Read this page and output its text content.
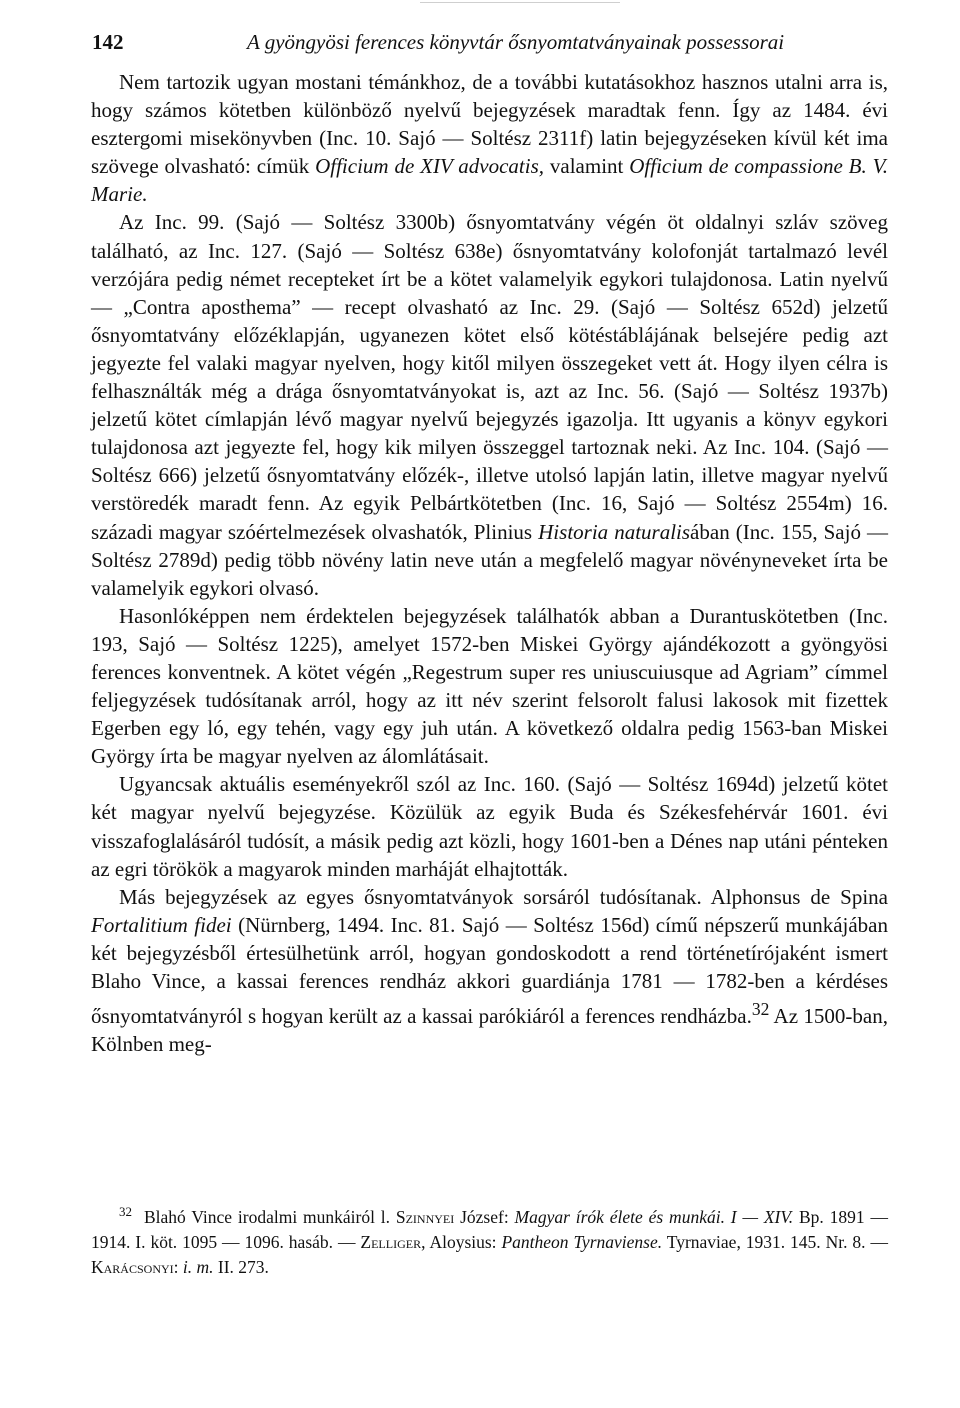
142	A gyöngyösi ferences könyvtár ősnyomtatványainak possessorai

Nem tartozik ugyan mostani témánkhoz, de a további kutatásokhoz hasznos utalni arra is, hogy számos kötetben különböző nyelvű bejegyzések maradtak fenn. Így az 1484. évi esztergomi misekönyvben (Inc. 10. Sajó — Soltész 2311f) latin bejegyzéseken kívül két ima szövege olvasható: címük Officium de XIV advocatis, valamint Officium de compassione B. V. Marie.

Az Inc. 99. (Sajó — Soltész 3300b) ősnyomtatvány végén öt oldalnyi szláv szöveg található, az Inc. 127. (Sajó — Soltész 638e) ősnyomtatvány kolofonját tartalmazó levél verzójára pedig német recepteket írt be a kötet valamelyik egykori tulajdonosa. Latin nyelvű — „Contra aposthema” — recept olvasható az Inc. 29. (Sajó — Soltész 652d) jelzetű ősnyomtatvány előzéklapján, ugyanezen kötet első kötéstáblájának belsejére pedig azt jegyezte fel valaki magyar nyelven, hogy kitől milyen összegeket vett át. Hogy ilyen célra is felhasználták még a drága ősnyomtatványokat is, azt az Inc. 56. (Sajó — Soltész 1937b) jelzetű kötet címlapján lévő magyar nyelvű bejegyzés igazolja. Itt ugyanis a könyv egykori tulajdonosa azt jegyezte fel, hogy kik milyen összeggel tartoznak neki. Az Inc. 104. (Sajó — Soltész 666) jelzetű ősnyomtatvány előzék-, illetve utolsó lapján latin, illetve magyar nyelvű verstöredék maradt fenn. Az egyik Pelbártkötetben (Inc. 16, Sajó — Soltész 2554m) 16. századi magyar szóértelmezések olvashatók, Plinius Historia naturalisában (Inc. 155, Sajó — Soltész 2789d) pedig több növény latin neve után a megfelelő magyar növényneveket írta be valamelyik egykori olvasó.

Hasonlóképpen nem érdektelen bejegyzések találhatók abban a Durantuskötetben (Inc. 193, Sajó — Soltész 1225), amelyet 1572-ben Miskei György ajándékozott a gyöngyösi ferences konventnek. A kötet végén „Regestrum super res uniuscuiusque ad Agriam” címmel feljegyzések tudósítanak arról, hogy az itt név szerint felsorolt falusi lakosok mit fizettek Egerben egy ló, egy tehén, vagy egy juh után. A következő oldalra pedig 1563-ban Miskei György írta be magyar nyelven az álomlátásait.

Ugyancsak aktuális eseményekről szól az Inc. 160. (Sajó — Soltész 1694d) jelzetű kötet két magyar nyelvű bejegyzése. Közülük az egyik Buda és Székesfehérvár 1601. évi visszafoglalásáról tudósít, a másik pedig azt közli, hogy 1601-ben a Dénes nap utáni pénteken az egri törökök a magyarok minden marháját elhajtották.

Más bejegyzések az egyes ősnyomtatványok sorsáról tudósítanak. Alphonsus de Spina Fortalitium fidei (Nürnberg, 1494. Inc. 81. Sajó — Soltész 156d) című népszerű munkájában két bejegyzésből értesülhetünk arról, hogyan gondoskodott a rend történetírójaként ismert Blaho Vince, a kassai ferences rendház akkori guardiánja 1781 — 1782-ben a kérdéses ősnyomtatványról s hogyan került az a kassai parókiáról a ferences rendházba.$^{32}$ Az 1500-ban, Kölnben meg-

$^{32}$ Blahó Vince irodalmi munkáiról l. Szinnyei József: Magyar írók élete és munkái. I — XIV. Bp. 1891 — 1914. I. köt. 1095 — 1096. hasáb. — Zelliger, Aloysius: Pantheon Tyrnaviense. Tyrnaviae, 1931. 145. Nr. 8. — Karácsonyi: i. m. II. 273.
